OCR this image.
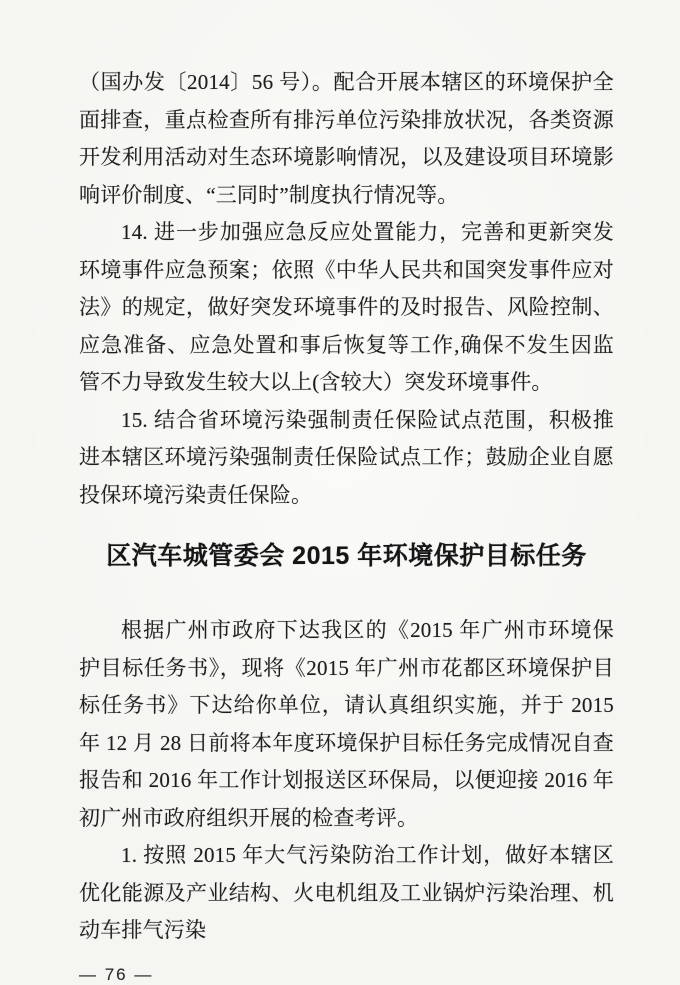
（国办发〔2014〕56 号）。配合开展本辖区的环境保护全面排查，重点检查所有排污单位污染排放状况，各类资源开发利用活动对生态环境影响情况，以及建设项目环境影响评价制度、“三同时”制度执行情况等。

14. 进一步加强应急反应处置能力，完善和更新突发环境事件应急预案；依照《中华人民共和国突发事件应对法》的规定，做好突发环境事件的及时报告、风险控制、应急准备、应急处置和事后恢复等工作,确保不发生因监管不力导致发生较大以上(含较大）突发环境事件。

15. 结合省环境污染强制责任保险试点范围，积极推进本辖区环境污染强制责任保险试点工作；鼓励企业自愿投保环境污染责任保险。

区汽车城管委会 2015 年环境保护目标任务

根据广州市政府下达我区的《2015 年广州市环境保护目标任务书》，现将《2015 年广州市花都区环境保护目标任务书》下达给你单位，请认真组织实施，并于 2015 年 12 月 28 日前将本年度环境保护目标任务完成情况自查报告和 2016 年工作计划报送区环保局，以便迎接 2016 年初广州市政府组织开展的检查考评。

1. 按照 2015 年大气污染防治工作计划，做好本辖区优化能源及产业结构、火电机组及工业锅炉污染治理、机动车排气污染

— 76 —
